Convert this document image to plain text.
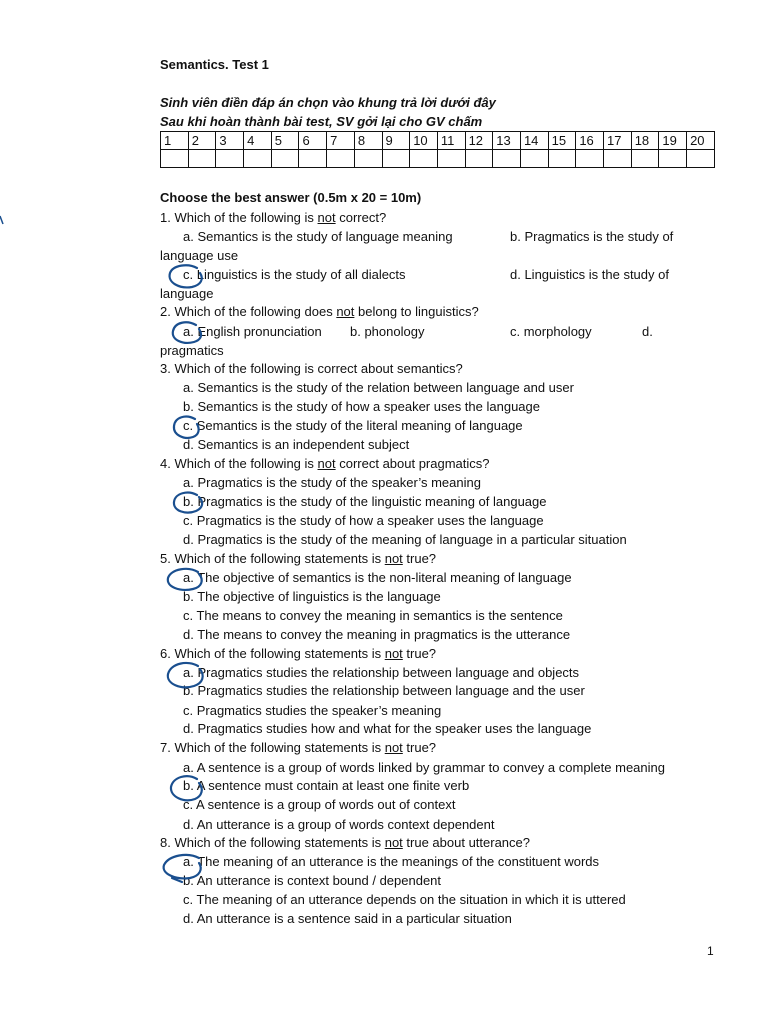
Semantics. Test 1
Sinh viên điền đáp án chọn vào khung trả lời dưới đây
Sau khi hoàn thành bài test, SV gởi lại cho GV chấm
1	2	3	4	5	6	7	8	9	10	11	12	13	14	15	16	17	18	19	20

Choose the best answer (0.5m x 20 = 10m)
1. Which of the following is not correct?
a. Semantics is the study of language meaning	b. Pragmatics is the study of
language use
c. Linguistics is the study of all dialects	d. Linguistics is the study of
language
2. Which of the following does not belong to linguistics?
a. English pronunciation b. phonology	c. morphology	d.
pragmatics
3. Which of the following is correct about semantics?
a. Semantics is the study of the relation between language and user
b. Semantics is the study of how a speaker uses the language
c. Semantics is the study of the literal meaning of language
d. Semantics is an independent subject
4. Which of the following is not correct about pragmatics?
a. Pragmatics is the study of the speaker’s meaning
b. Pragmatics is the study of the linguistic meaning of language
c. Pragmatics is the study of how a speaker uses the language
d. Pragmatics is the study of the meaning of language in a particular situation
5. Which of the following statements is not true?
a. The objective of semantics is the non-literal meaning of language
b. The objective of linguistics is the language
c. The means to convey the meaning in semantics is the sentence
d. The means to convey the meaning in pragmatics is the utterance
6. Which of the following statements is not true?
a. Pragmatics studies the relationship between language and objects
b. Pragmatics studies the relationship between language and the user
c. Pragmatics studies the speaker’s meaning
d. Pragmatics studies how and what for the speaker uses the language
7. Which of the following statements is not true?
a. A sentence is a group of words linked by grammar to convey a complete meaning
b. A sentence must contain at least one finite verb
c. A sentence is a group of words out of context
d. An utterance is a group of words context dependent
8. Which of the following statements is not true about utterance?
a. The meaning of an utterance is the meanings of the constituent words
b. An utterance is context bound / dependent
c. The meaning of an utterance depends on the situation in which it is uttered
d. An utterance is a sentence said in a particular situation
1
